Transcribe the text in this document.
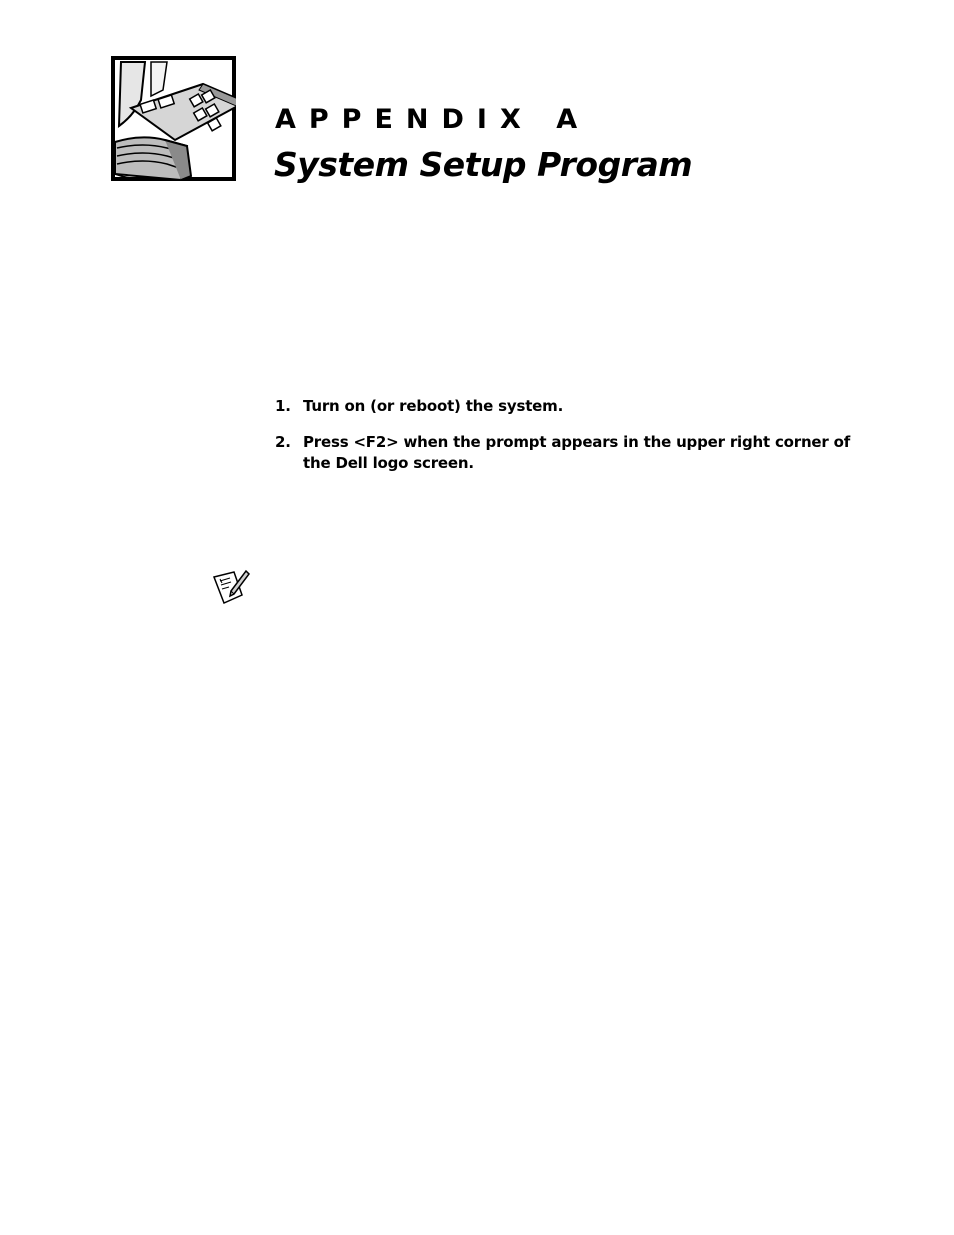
APPENDIX A
System Setup Program
1. Turn on (or reboot) the system.
2. Press <F2> when the prompt appears in the upper right corner of the Dell logo screen.
